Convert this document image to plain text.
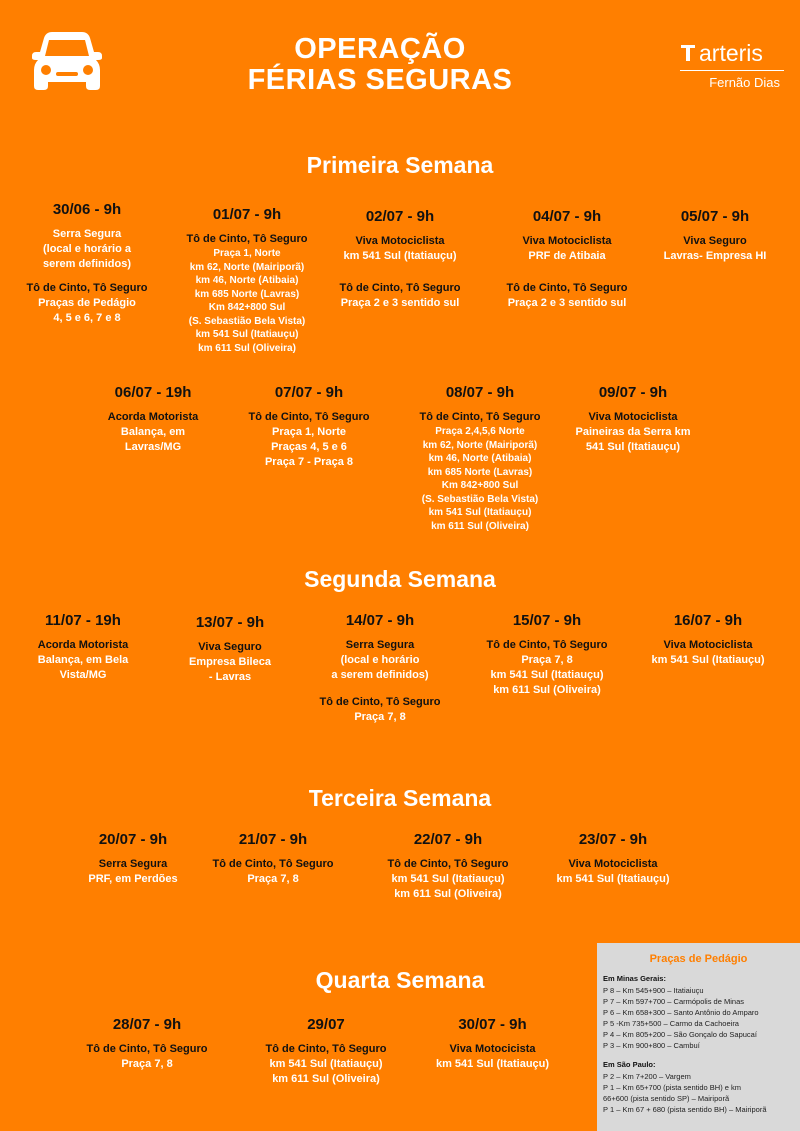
OPERAÇÃO
FÉRIAS SEGURAS
arteris
Fernão Dias
Primeira Semana
Segunda Semana
Terceira Semana
Quarta Semana
30/06 - 9h
Serra Segura
(local e horário a
serem definidos)
Tô de Cinto, Tô Seguro
Praças de Pedágio
4, 5 e 6, 7 e 8
01/07 - 9h
Tô de Cinto, Tô Seguro
Praça 1, Norte
km 62, Norte (Mairiporã)
km 46, Norte (Atibaia)
km 685 Norte (Lavras)
Km 842+800 Sul
(S. Sebastião Bela Vista)
km 541 Sul (Itatiauçu)
km 611 Sul (Oliveira)
02/07 - 9h
Viva Motociclista
km 541 Sul (Itatiauçu)
Tô de Cinto, Tô Seguro
Praça 2 e 3 sentido sul
04/07 - 9h
Viva Motociclista
PRF de Atibaia
Tô de Cinto, Tô Seguro
Praça 2 e 3 sentido sul
05/07 - 9h
Viva Seguro
Lavras- Empresa HI
06/07 - 19h
Acorda Motorista
Balança, em
Lavras/MG
07/07 - 9h
Tô de Cinto, Tô Seguro
Praça 1, Norte
Praças 4, 5 e 6
Praça 7 - Praça 8
08/07 - 9h
Tô de Cinto, Tô Seguro
Praça 2,4,5,6 Norte
km 62, Norte (Mairiporã)
km 46, Norte (Atibaia)
km 685 Norte (Lavras)
Km 842+800 Sul
(S. Sebastião Bela Vista)
km 541 Sul (Itatiauçu)
km 611 Sul (Oliveira)
09/07 - 9h
Viva Motociclista
Paineiras da Serra km
541 Sul (Itatiauçu)
11/07 - 19h
Acorda Motorista
Balança, em Bela
Vista/MG
13/07 - 9h
Viva Seguro
Empresa Bileca
- Lavras
14/07 - 9h
Serra Segura
(local e horário
a serem definidos)
Tô de Cinto, Tô Seguro
Praça 7, 8
15/07 - 9h
Tô de Cinto, Tô Seguro
Praça 7, 8
km 541 Sul (Itatiauçu)
km 611 Sul (Oliveira)
16/07 - 9h
Viva Motociclista
km 541 Sul (Itatiauçu)
20/07 - 9h
Serra Segura
PRF, em Perdões
21/07 - 9h
Tô de Cinto, Tô Seguro
Praça 7, 8
22/07 - 9h
Tô de Cinto, Tô Seguro
km 541 Sul (Itatiauçu)
km 611 Sul (Oliveira)
23/07 - 9h
Viva Motociclista
km 541 Sul (Itatiauçu)
28/07 - 9h
Tô de Cinto, Tô Seguro
Praça 7, 8
29/07
Tô de Cinto, Tô Seguro
km 541 Sul (Itatiauçu)
km 611 Sul (Oliveira)
30/07 - 9h
Viva Motocicista
km 541 Sul (Itatiauçu)
Praças de Pedágio
Em Minas Gerais:
P 8 – Km 545+900 – Itatiaiuçu
P 7 – Km 597+700 – Carmópolis de Minas
P 6 – Km 658+300 – Santo Antônio do Amparo
P 5 -Km 735+500 – Carmo da Cachoeira
P 4 – Km 805+200 – São Gonçalo do Sapucaí
P 3 – Km 900+800 – Cambuí
Em São Paulo:
P 2 – Km 7+200 – Vargem
P 1 – Km 65+700 (pista sentido BH) e km
66+600 (pista sentido SP) – Mairiporã
P 1 – Km 67 + 680 (pista sentido BH) – Mairiporã
